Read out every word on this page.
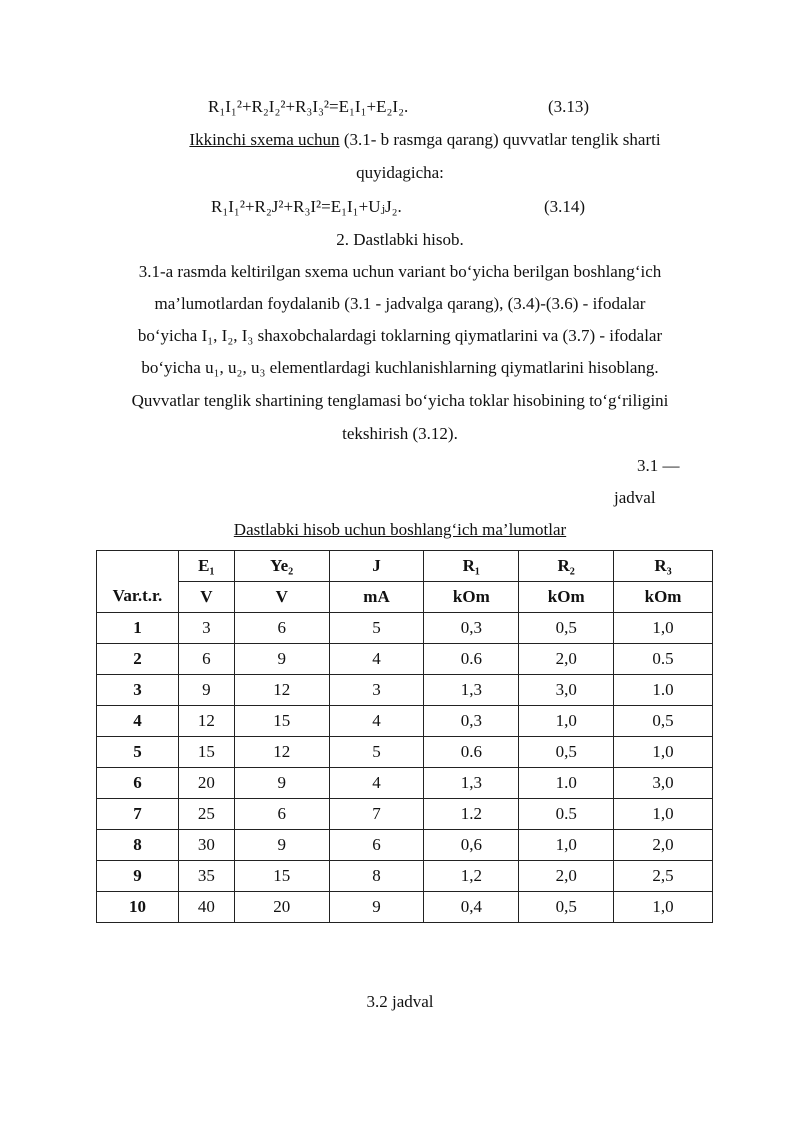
R₁I₁²+R₂I₂²+R₃I₃²=E₁I₁+E₂I₂.	(3.13)
Ikkinchi sxema uchun (3.1- b rasmga qarang) quvvatlar tenglik sharti
quyidagicha:
R₁I₁²+R₂J²+R₃I²=E₁I₁+UⱼJ₂.	(3.14)
2. Dastlabki hisob.
3.1-a rasmda keltirilgan sxema uchun variant bo‘yicha berilgan boshlang‘ich
ma’lumotlardan foydalanib (3.1 - jadvalga qarang), (3.4)-(3.6) - ifodalar
bo‘yicha I₁, I₂, I₃ shaxobchalardagi toklarning qiymatlarini va (3.7) - ifodalar
bo‘yicha u₁, u₂, u₃ elementlardagi kuchlanishlarning qiymatlarini hisoblang.
Quvvatlar tenglik shartining tenglamasi bo‘yicha toklar hisobining to‘g‘riligini
tekshirish (3.12).
3.1 —
jadval
Dastlabki hisob uchun boshlang‘ich ma’lumotlar
Var.t.r.	E₁	Ye₂	J	R₁	R₂	R₃
	V	V	mA	kOm	kOm	kOm
1	3	6	5	0,3	0,5	1,0
2	6	9	4	0.6	2,0	0.5
3	9	12	3	1,3	3,0	1.0
4	12	15	4	0,3	1,0	0,5
5	15	12	5	0.6	0,5	1,0
6	20	9	4	1,3	1.0	3,0
7	25	6	7	1.2	0.5	1,0
8	30	9	6	0,6	1,0	2,0
9	35	15	8	1,2	2,0	2,5
10	40	20	9	0,4	0,5	1,0
3.2 jadval
